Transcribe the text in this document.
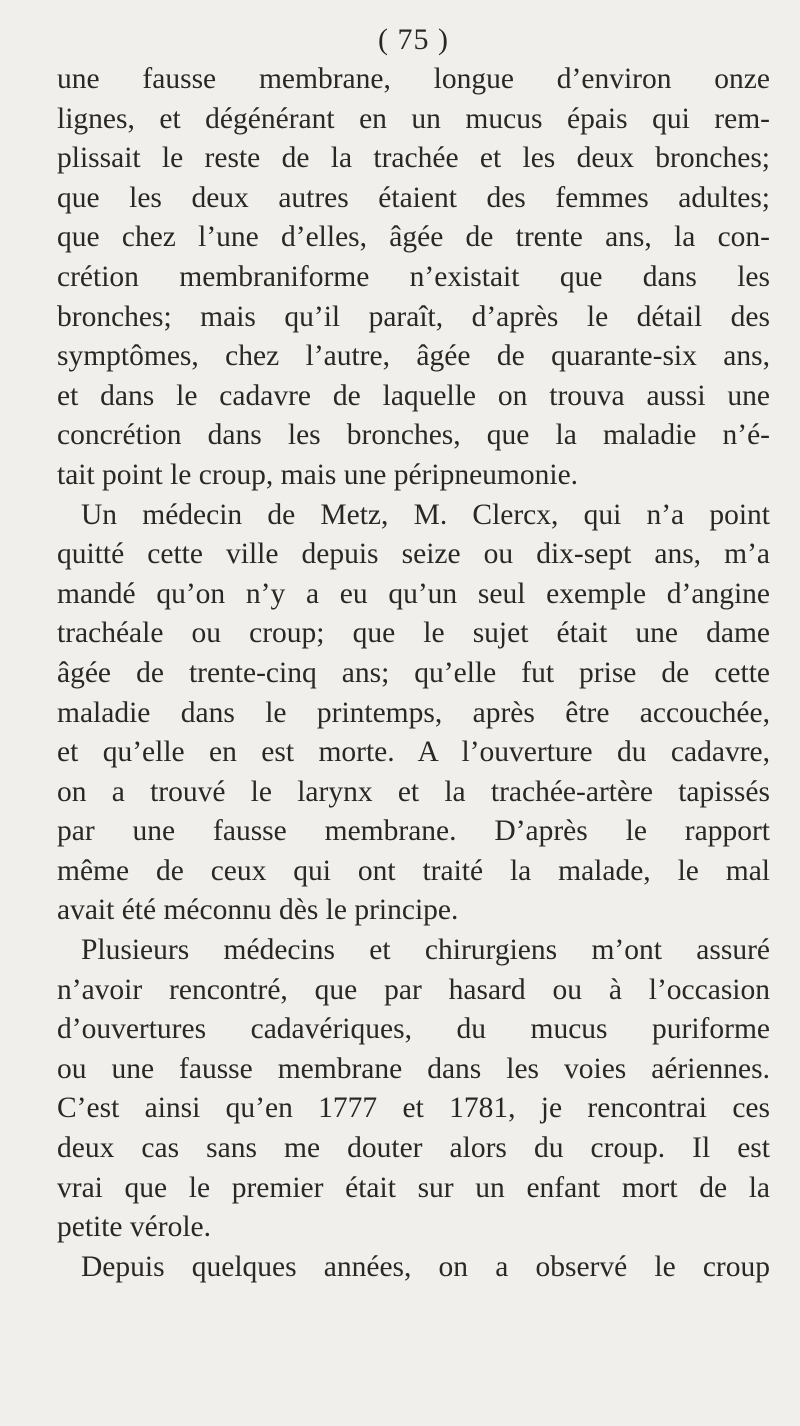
( 75 )
une fausse membrane, longue d’environ onze
lignes, et dégénérant en un mucus épais qui rem-
plissait le reste de la trachée et les deux bronches;
que les deux autres étaient des femmes adultes;
que chez l’une d’elles, âgée de trente ans, la con-
crétion membraniforme n’existait que dans les
bronches; mais qu’il paraît, d’après le détail des
symptômes, chez l’autre, âgée de quarante-six ans,
et dans le cadavre de laquelle on trouva aussi une
concrétion dans les bronches, que la maladie n’é-
tait point le croup, mais une péripneumonie.
Un médecin de Metz, M. Clercx, qui n’a point
quitté cette ville depuis seize ou dix-sept ans, m’a
mandé qu’on n’y a eu qu’un seul exemple d’angine
trachéale ou croup; que le sujet était une dame
âgée de trente-cinq ans; qu’elle fut prise de cette
maladie dans le printemps, après être accouchée,
et qu’elle en est morte. A l’ouverture du cadavre,
on a trouvé le larynx et la trachée-artère tapissés
par une fausse membrane. D’après le rapport
même de ceux qui ont traité la malade, le mal
avait été méconnu dès le principe.
Plusieurs médecins et chirurgiens m’ont assuré
n’avoir rencontré, que par hasard ou à l’occasion
d’ouvertures cadavériques, du mucus puriforme
ou une fausse membrane dans les voies aériennes.
C’est ainsi qu’en 1777 et 1781, je rencontrai ces
deux cas sans me douter alors du croup. Il est
vrai que le premier était sur un enfant mort de la
petite vérole.
Depuis quelques années, on a observé le croup
